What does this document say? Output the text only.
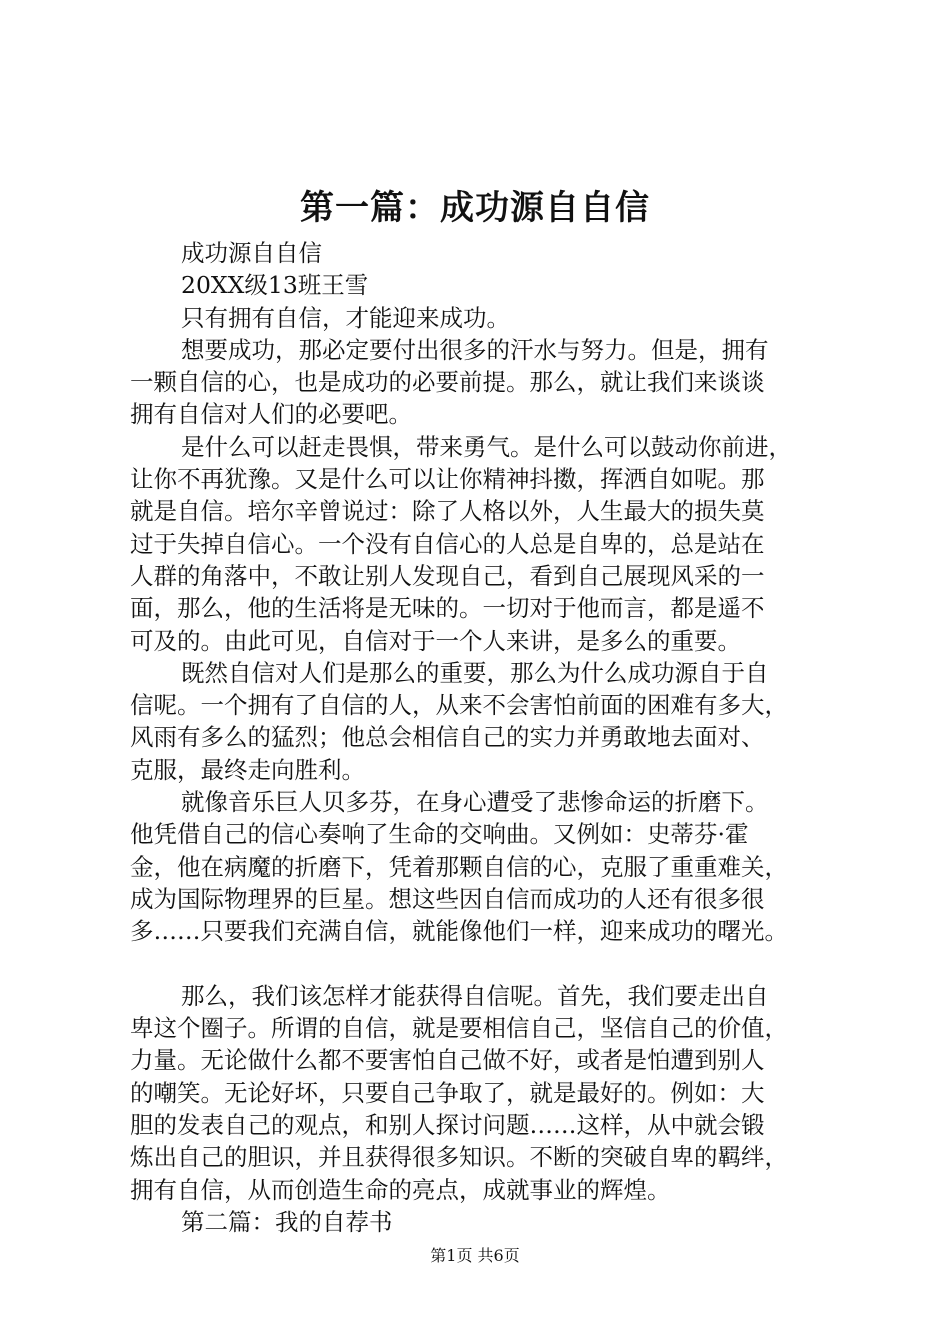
第一篇：成功源自自信
成功源自自信
20XX级13班王雪
只有拥有自信，才能迎来成功。
想要成功，那必定要付出很多的汗水与努力。但是，拥有
一颗自信的心，也是成功的必要前提。那么，就让我们来谈谈
拥有自信对人们的必要吧。
是什么可以赶走畏惧，带来勇气。是什么可以鼓动你前进，
让你不再犹豫。又是什么可以让你精神抖擞，挥洒自如呢。那
就是自信。培尔辛曾说过：除了人格以外，人生最大的损失莫
过于失掉自信心。一个没有自信心的人总是自卑的，总是站在
人群的角落中，不敢让别人发现自己，看到自己展现风采的一
面，那么，他的生活将是无味的。一切对于他而言，都是遥不
可及的。由此可见，自信对于一个人来讲，是多么的重要。
既然自信对人们是那么的重要，那么为什么成功源自于自
信呢。一个拥有了自信的人，从来不会害怕前面的困难有多大，
风雨有多么的猛烈；他总会相信自己的实力并勇敢地去面对、
克服，最终走向胜利。
就像音乐巨人贝多芬，在身心遭受了悲惨命运的折磨下。
他凭借自己的信心奏响了生命的交响曲。又例如：史蒂芬·霍
金，他在病魔的折磨下，凭着那颗自信的心，克服了重重难关，
成为国际物理界的巨星。想这些因自信而成功的人还有很多很
多……只要我们充满自信，就能像他们一样，迎来成功的曙光。
那么，我们该怎样才能获得自信呢。首先，我们要走出自
卑这个圈子。所谓的自信，就是要相信自己，坚信自己的价值，
力量。无论做什么都不要害怕自己做不好，或者是怕遭到别人
的嘲笑。无论好坏，只要自己争取了，就是最好的。例如：大
胆的发表自己的观点，和别人探讨问题……这样，从中就会锻
炼出自己的胆识，并且获得很多知识。不断的突破自卑的羁绊，
拥有自信，从而创造生命的亮点，成就事业的辉煌。
第二篇：我的自荐书
第1页 共6页
